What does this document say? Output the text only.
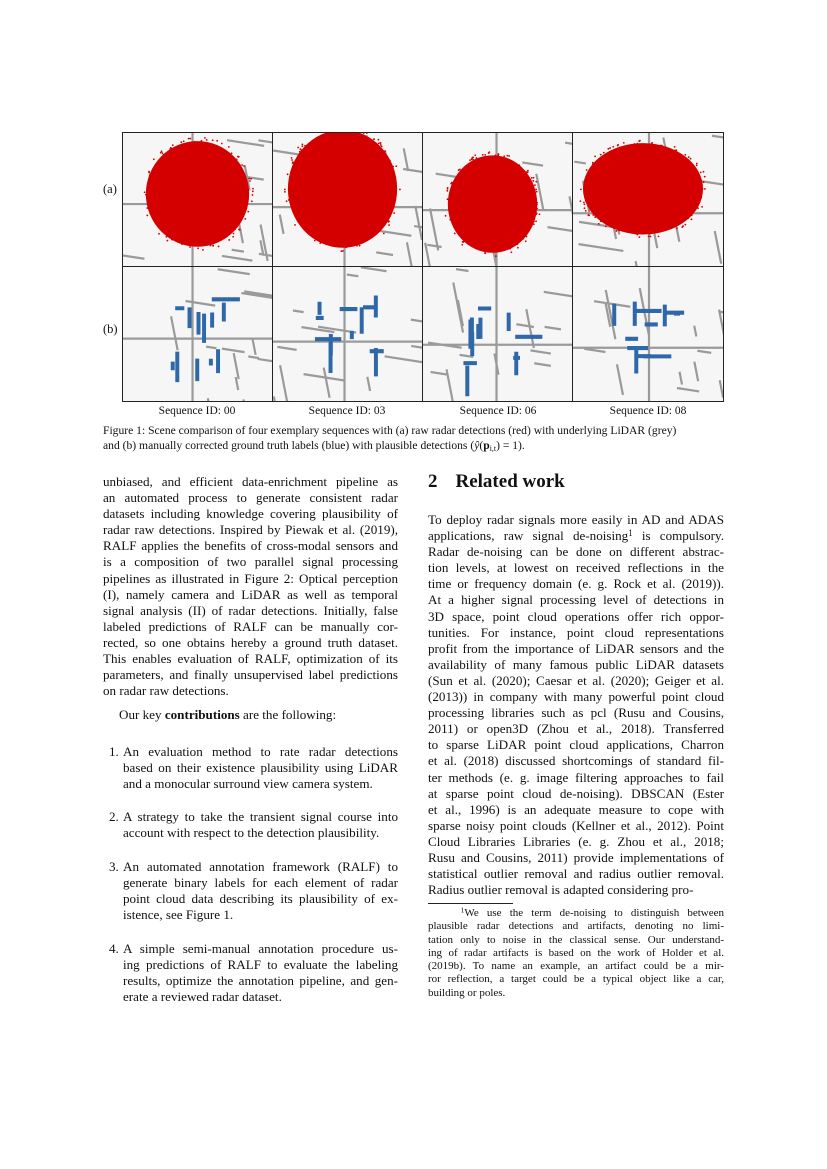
(a)
(b)
Sequence ID: 00	Sequence ID: 03	Sequence ID: 06	Sequence ID: 08
Figure 1: Scene comparison of four exemplary sequences with (a) raw radar detections (red) with underlying LiDAR (grey)
and (b) manually corrected ground truth labels (blue) with plausible detections $(ŷ(p_{i,t}) = 1)$.
unbiased, and efficient data-enrichment pipeline as
an automated process to generate consistent radar
datasets including knowledge covering plausibility of
radar raw detections. Inspired by Piewak et al. (2019),
RALF applies the benefits of cross-modal sensors and
is a composition of two parallel signal processing
pipelines as illustrated in Figure 2: Optical perception
(I), namely camera and LiDAR as well as temporal
signal analysis (II) of radar detections. Initially, false
labeled predictions of RALF can be manually cor-
rected, so one obtains hereby a ground truth dataset.
This enables evaluation of RALF, optimization of its
parameters, and finally unsupervised label predictions
on radar raw detections.
Our key contributions are the following:
1. An evaluation method to rate radar detections
based on their existence plausibility using LiDAR
and a monocular surround view camera system.
2. A strategy to take the transient signal course into
account with respect to the detection plausibility.
3. An automated annotation framework (RALF) to
generate binary labels for each element of radar
point cloud data describing its plausibility of ex-
istence, see Figure 1.
4. A simple semi-manual annotation procedure us-
ing predictions of RALF to evaluate the labeling
results, optimize the annotation pipeline, and gen-
erate a reviewed radar dataset.
2 Related work
To deploy radar signals more easily in AD and ADAS
applications, raw signal de-noising$^1$ is compulsory.
Radar de-noising can be done on different abstrac-
tion levels, at lowest on received reflections in the
time or frequency domain (e. g. Rock et al. (2019)).
At a higher signal processing level of detections in
3D space, point cloud operations offer rich oppor-
tunities. For instance, point cloud representations
profit from the importance of LiDAR sensors and the
availability of many famous public LiDAR datasets
(Sun et al. (2020); Caesar et al. (2020); Geiger et al.
(2013)) in company with many powerful point cloud
processing libraries such as pcl (Rusu and Cousins,
2011) or open3D (Zhou et al., 2018). Transferred
to sparse LiDAR point cloud applications, Charron
et al. (2018) discussed shortcomings of standard fil-
ter methods (e. g. image filtering approaches to fail
at sparse point cloud de-noising). DBSCAN (Ester
et al., 1996) is an adequate measure to cope with
sparse noisy point clouds (Kellner et al., 2012). Point
Cloud Libraries Libraries (e. g. Zhou et al., 2018;
Rusu and Cousins, 2011) provide implementations of
statistical outlier removal and radius outlier removal.
Radius outlier removal is adapted considering pro-
$^1$We use the term de-noising to distinguish between
plausible radar detections and artifacts, denoting no limi-
tation only to noise in the classical sense. Our understand-
ing of radar artifacts is based on the work of Holder et al.
(2019b). To name an example, an artifact could be a mir-
ror reflection, a target could be a typical object like a car,
building or poles.
